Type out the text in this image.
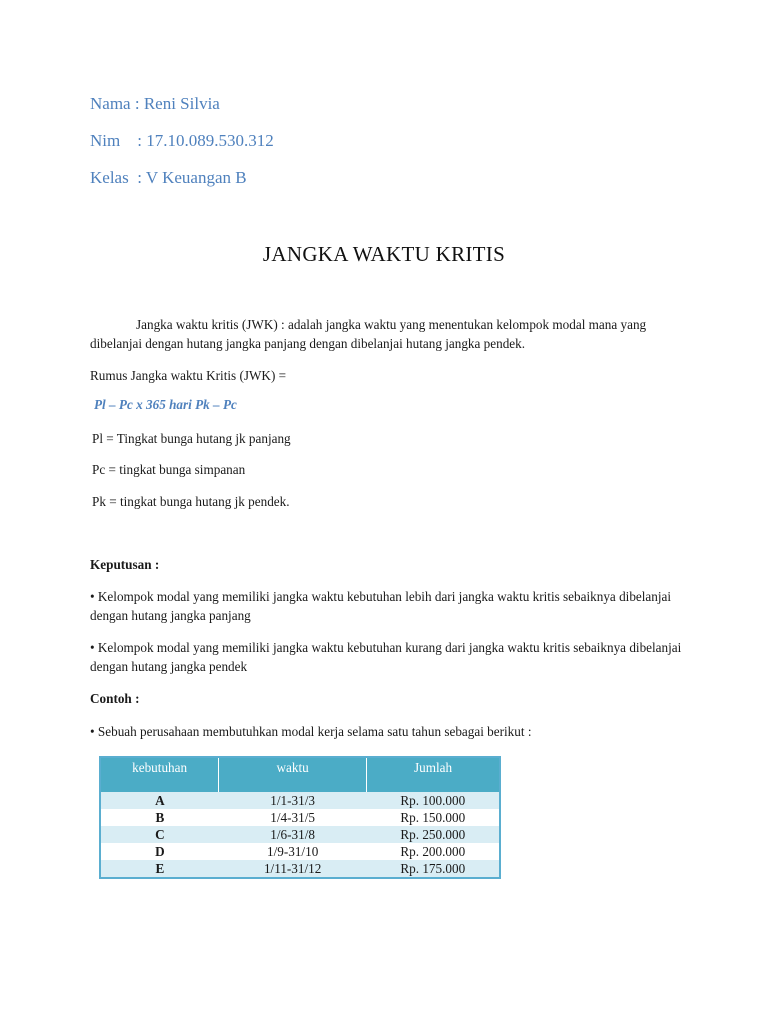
Nama : Reni Silvia
Nim    : 17.10.089.530.312
Kelas  : V Keuangan B
JANGKA WAKTU KRITIS
Jangka waktu kritis (JWK) : adalah jangka waktu yang menentukan kelompok modal mana yang dibelanjai dengan hutang jangka panjang dengan dibelanjai hutang jangka pendek.
Rumus Jangka waktu Kritis (JWK) =
Pl – Pc x 365 hari Pk – Pc
Pl = Tingkat bunga hutang jk panjang
Pc = tingkat bunga simpanan
Pk = tingkat bunga hutang jk pendek.
Keputusan :
• Kelompok modal yang memiliki jangka waktu kebutuhan lebih dari jangka waktu kritis sebaiknya dibelanjai dengan hutang jangka panjang
• Kelompok modal yang memiliki jangka waktu kebutuhan kurang dari jangka waktu kritis sebaiknya dibelanjai dengan hutang jangka pendek
Contoh :
• Sebuah perusahaan membutuhkan modal kerja selama satu tahun sebagai berikut :
kebutuhan	waktu	Jumlah

A	1/1-31/3	Rp. 100.000
B	1/4-31/5	Rp. 150.000
C	1/6-31/8	Rp. 250.000
D	1/9-31/10	Rp. 200.000
E	1/11-31/12	Rp. 175.000
